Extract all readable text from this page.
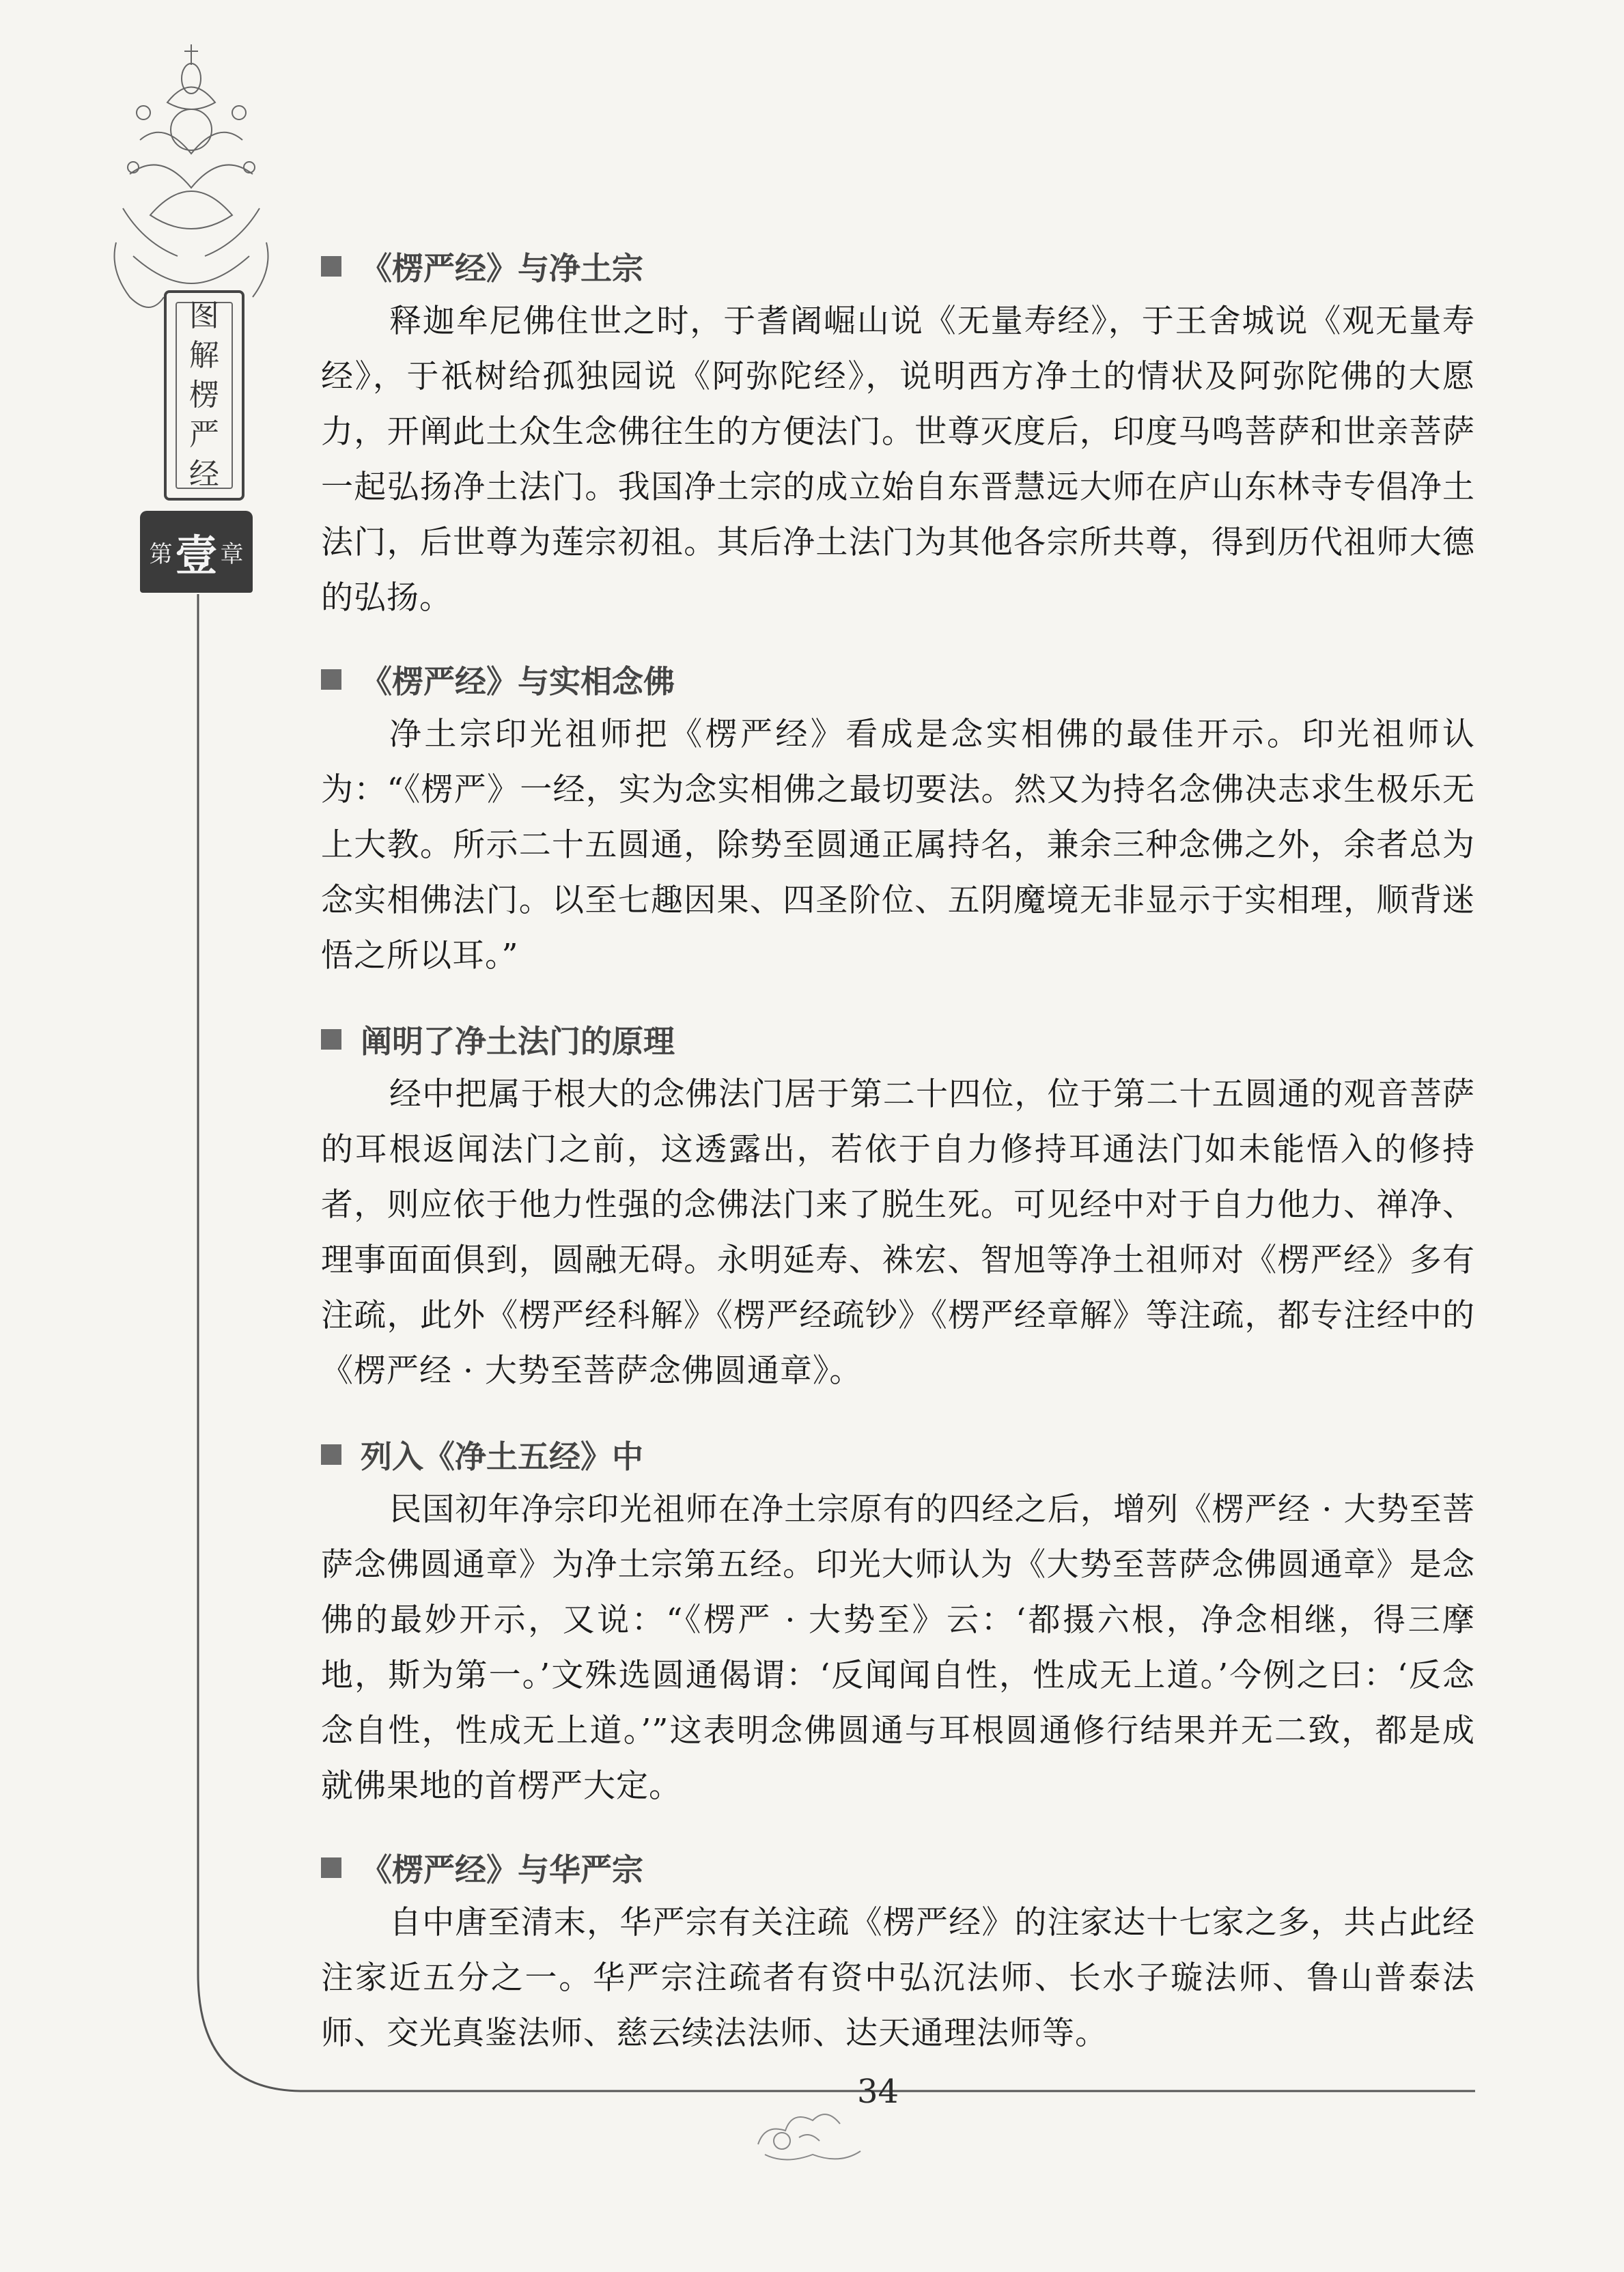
图
解
楞
严
经
第 壹 章
《楞严经》与净土宗

释迦牟尼佛住世之时，于耆阇崛山说《无量寿经》，于王舍城说《观无量寿经》，于祇树给孤独园说《阿弥陀经》，说明西方净土的情状及阿弥陀佛的大愿力，开阐此土众生念佛往生的方便法门。世尊灭度后，印度马鸣菩萨和世亲菩萨一起弘扬净土法门。我国净土宗的成立始自东晋慧远大师在庐山东林寺专倡净土法门，后世尊为莲宗初祖。其后净土法门为其他各宗所共尊，得到历代祖师大德的弘扬。

《楞严经》与实相念佛

净土宗印光祖师把《楞严经》看成是念实相佛的最佳开示。印光祖师认为：“《楞严》一经，实为念实相佛之最切要法。然又为持名念佛决志求生极乐无上大教。所示二十五圆通，除势至圆通正属持名，兼余三种念佛之外，余者总为念实相佛法门。以至七趣因果、四圣阶位、五阴魔境无非显示于实相理，顺背迷悟之所以耳。”

阐明了净土法门的原理

经中把属于根大的念佛法门居于第二十四位，位于第二十五圆通的观音菩萨的耳根返闻法门之前，这透露出，若依于自力修持耳通法门如未能悟入的修持者，则应依于他力性强的念佛法门来了脱生死。可见经中对于自力他力、禅净、理事面面俱到，圆融无碍。永明延寿、袾宏、智旭等净土祖师对《楞严经》多有注疏，此外《楞严经科解》《楞严经疏钞》《楞严经章解》等注疏，都专注经中的《楞严经 · 大势至菩萨念佛圆通章》。

列入《净土五经》中

民国初年净宗印光祖师在净土宗原有的四经之后，增列《楞严经 · 大势至菩萨念佛圆通章》为净土宗第五经。印光大师认为《大势至菩萨念佛圆通章》是念佛的最妙开示，又说：“《楞严 · 大势至》云：‘都摄六根，净念相继，得三摩地，斯为第一。’文殊选圆通偈谓：‘反闻闻自性，性成无上道。’今例之曰：‘反念念自性，性成无上道。’”这表明念佛圆通与耳根圆通修行结果并无二致，都是成就佛果地的首楞严大定。

《楞严经》与华严宗

自中唐至清末，华严宗有关注疏《楞严经》的注家达十七家之多，共占此经注家近五分之一。华严宗注疏者有资中弘沉法师、长水子璇法师、鲁山普泰法师、交光真鉴法师、慈云续法法师、达天通理法师等。

34
